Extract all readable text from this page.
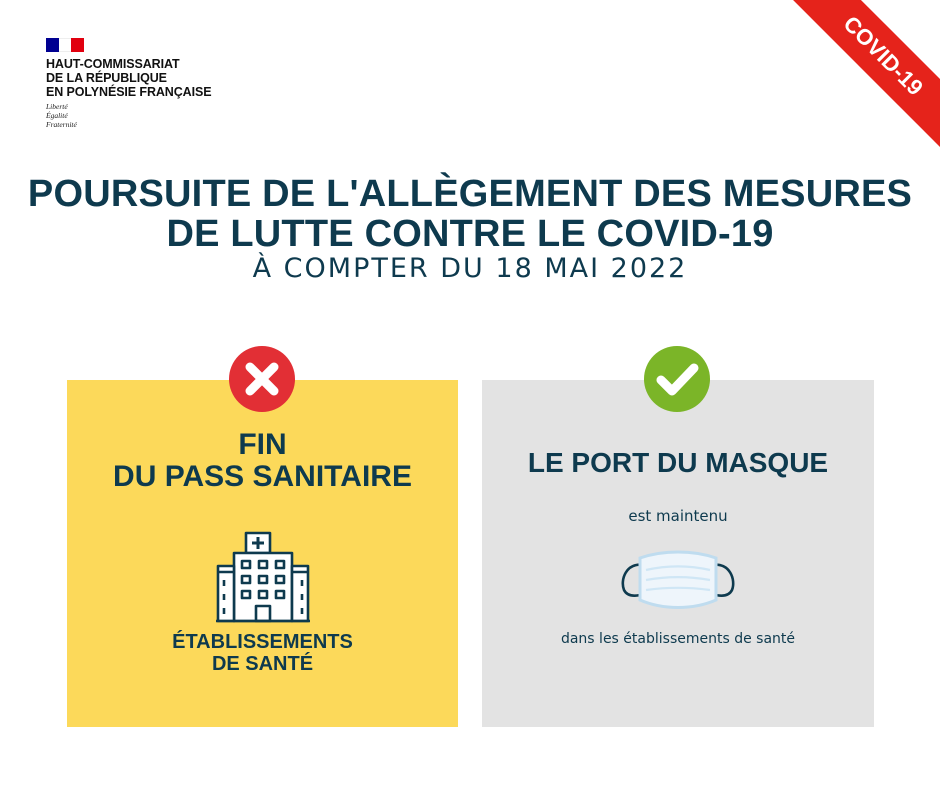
HAUT-COMMISSARIAT
DE LA RÉPUBLIQUE
EN POLYNÉSIE FRANÇAISE
Liberté
Égalité
Fraternité
COVID-19
POURSUITE DE L'ALLÈGEMENT DES MESURES
DE LUTTE CONTRE LE COVID-19
À COMPTER DU 18 MAI 2022
FIN
DU PASS SANITAIRE
ÉTABLISSEMENTS
DE SANTÉ
LE PORT DU MASQUE
est maintenu
dans les établissements de santé
